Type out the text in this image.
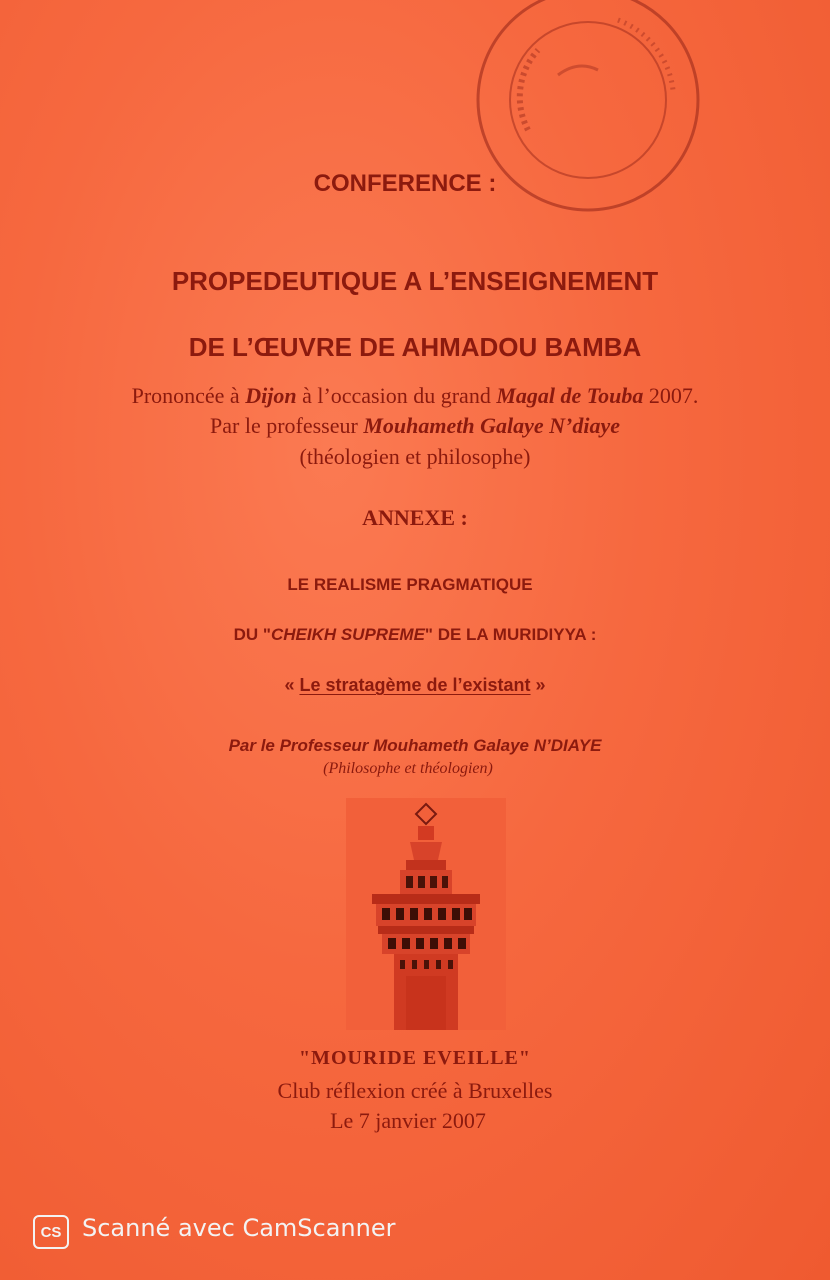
CONFERENCE :
PROPEDEUTIQUE A L’ENSEIGNEMENT
DE L’ŒUVRE DE AHMADOU BAMBA
Prononcée à Dijon à l’occasion du grand Magal de Touba 2007.
Par le professeur Mouhameth Galaye N’diaye
(théologien et philosophe)
ANNEXE :
LE REALISME PRAGMATIQUE
DU "CHEIKH SUPREME" DE LA MURIDIYYA :
« Le stratagème de l’existant »
Par le Professeur Mouhameth Galaye N’DIAYE
(Philosophe et théologien)
"MOURIDE EVEILLE"
Club réflexion créé à Bruxelles
Le 7 janvier 2007
CS Scanné avec CamScanner
